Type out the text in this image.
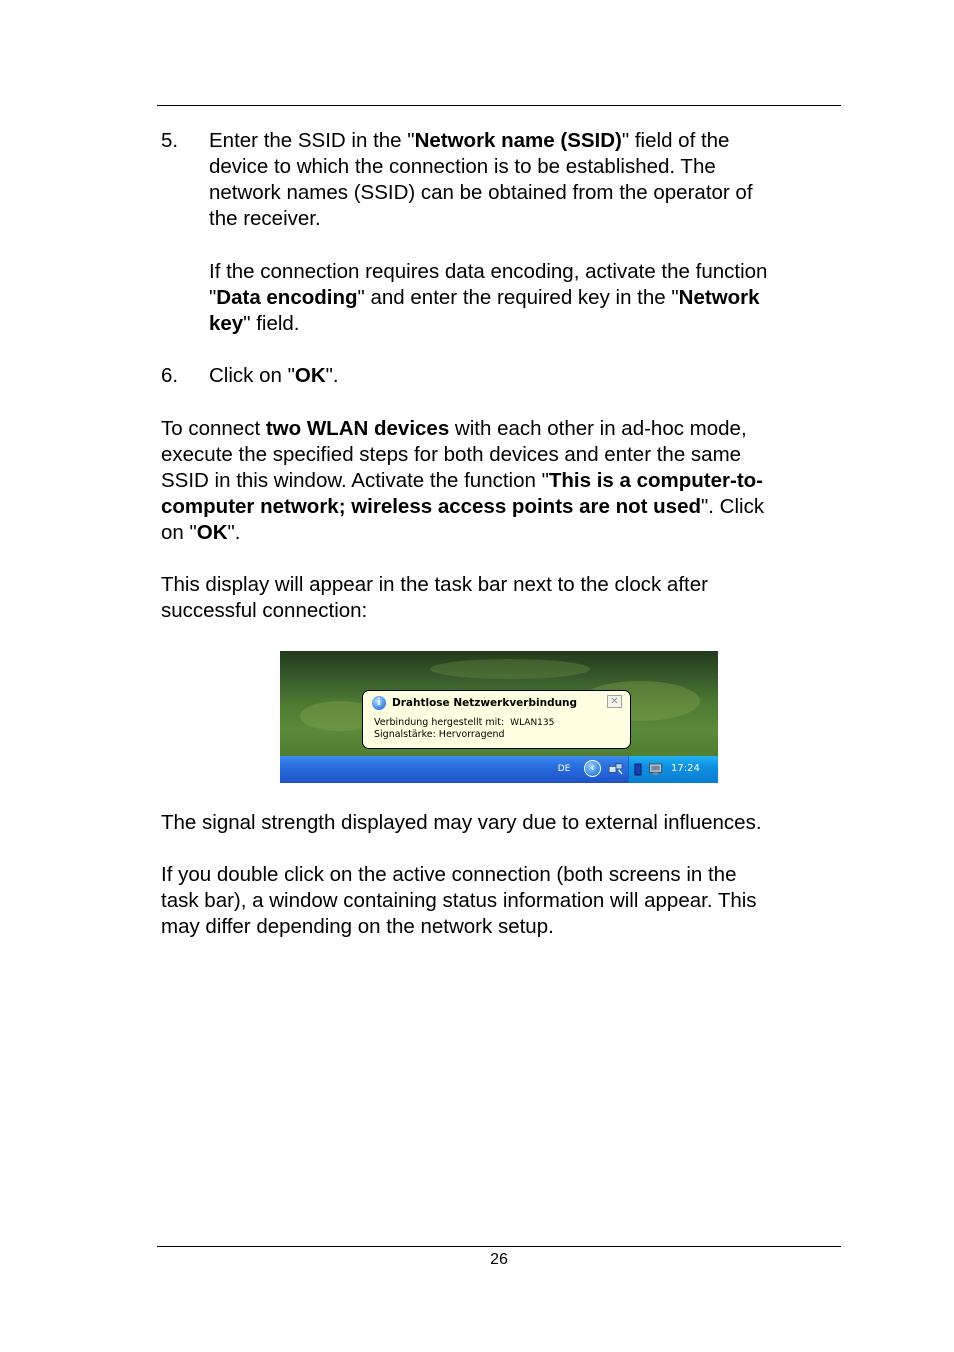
5. Enter the SSID in the "Network name (SSID)" field of the
device to which the connection is to be established. The
network names (SSID) can be obtained from the operator of
the receiver.
If the connection requires data encoding, activate the function
"Data encoding" and enter the required key in the "Network
key" field.
6. Click on "OK".
To connect two WLAN devices with each other in ad-hoc mode,
execute the specified steps for both devices and enter the same
SSID in this window. Activate the function "This is a computer-to-
computer network; wireless access points are not used". Click
on "OK".
This display will appear in the task bar next to the clock after
successful connection:
i	Drahtlose Netzwerkverbindung	✕
Verbindung hergestellt mit: WLAN135
Signalstärke: Hervorragend
DE	‹	17:24
The signal strength displayed may vary due to external influences.
If you double click on the active connection (both screens in the
task bar), a window containing status information will appear. This
may differ depending on the network setup.
26
